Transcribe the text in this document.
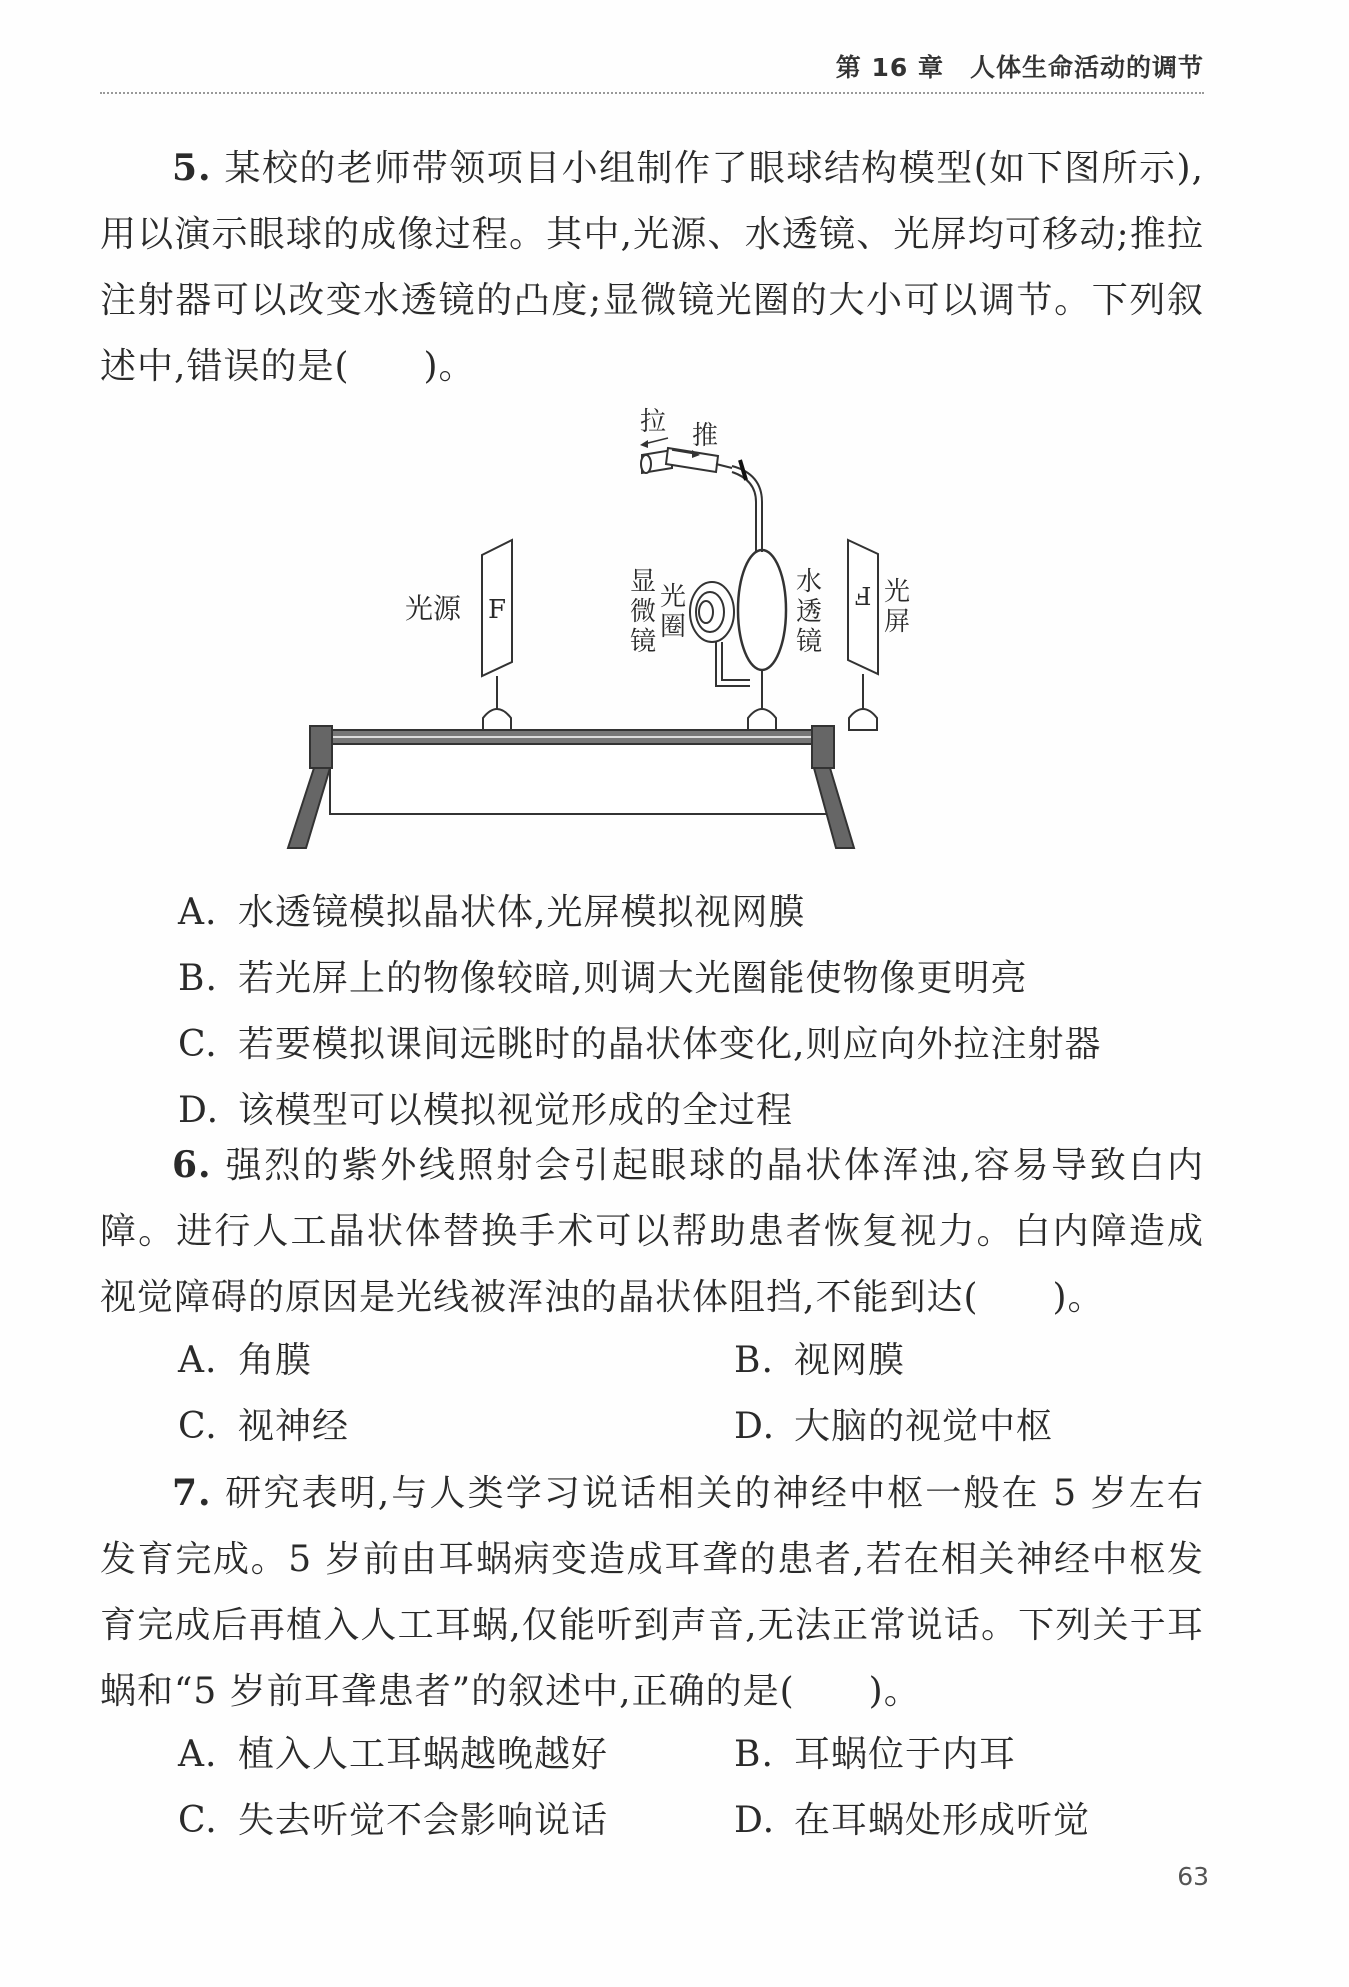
第 16 章　人体生命活动的调节

5. 某校的老师带领项目小组制作了眼球结构模型(如下图所示),用以演示眼球的成像过程。其中,光源、水透镜、光屏均可移动;推拉注射器可以改变水透镜的凸度;显微镜光圈的大小可以调节。下列叙述中,错误的是(　　)。

F
光源
水
透
镜
显
微
镜
光
圈
拉 推
F 光
屏
A. 水透镜模拟晶状体,光屏模拟视网膜
B. 若光屏上的物像较暗,则调大光圈能使物像更明亮
C. 若要模拟课间远眺时的晶状体变化,则应向外拉注射器
D. 该模型可以模拟视觉形成的全过程

6. 强烈的紫外线照射会引起眼球的晶状体浑浊,容易导致白内障。进行人工晶状体替换手术可以帮助患者恢复视力。白内障造成视觉障碍的原因是光线被浑浊的晶状体阻挡,不能到达(　　)。

A. 角膜	B. 视网膜
C. 视神经	D. 大脑的视觉中枢

7. 研究表明,与人类学习说话相关的神经中枢一般在 5 岁左右发育完成。5 岁前由耳蜗病变造成耳聋的患者,若在相关神经中枢发育完成后再植入人工耳蜗,仅能听到声音,无法正常说话。下列关于耳蜗和“5 岁前耳聋患者”的叙述中,正确的是(　　)。

A. 植入人工耳蜗越晚越好	B. 耳蜗位于内耳
C. 失去听觉不会影响说话	D. 在耳蜗处形成听觉
63
